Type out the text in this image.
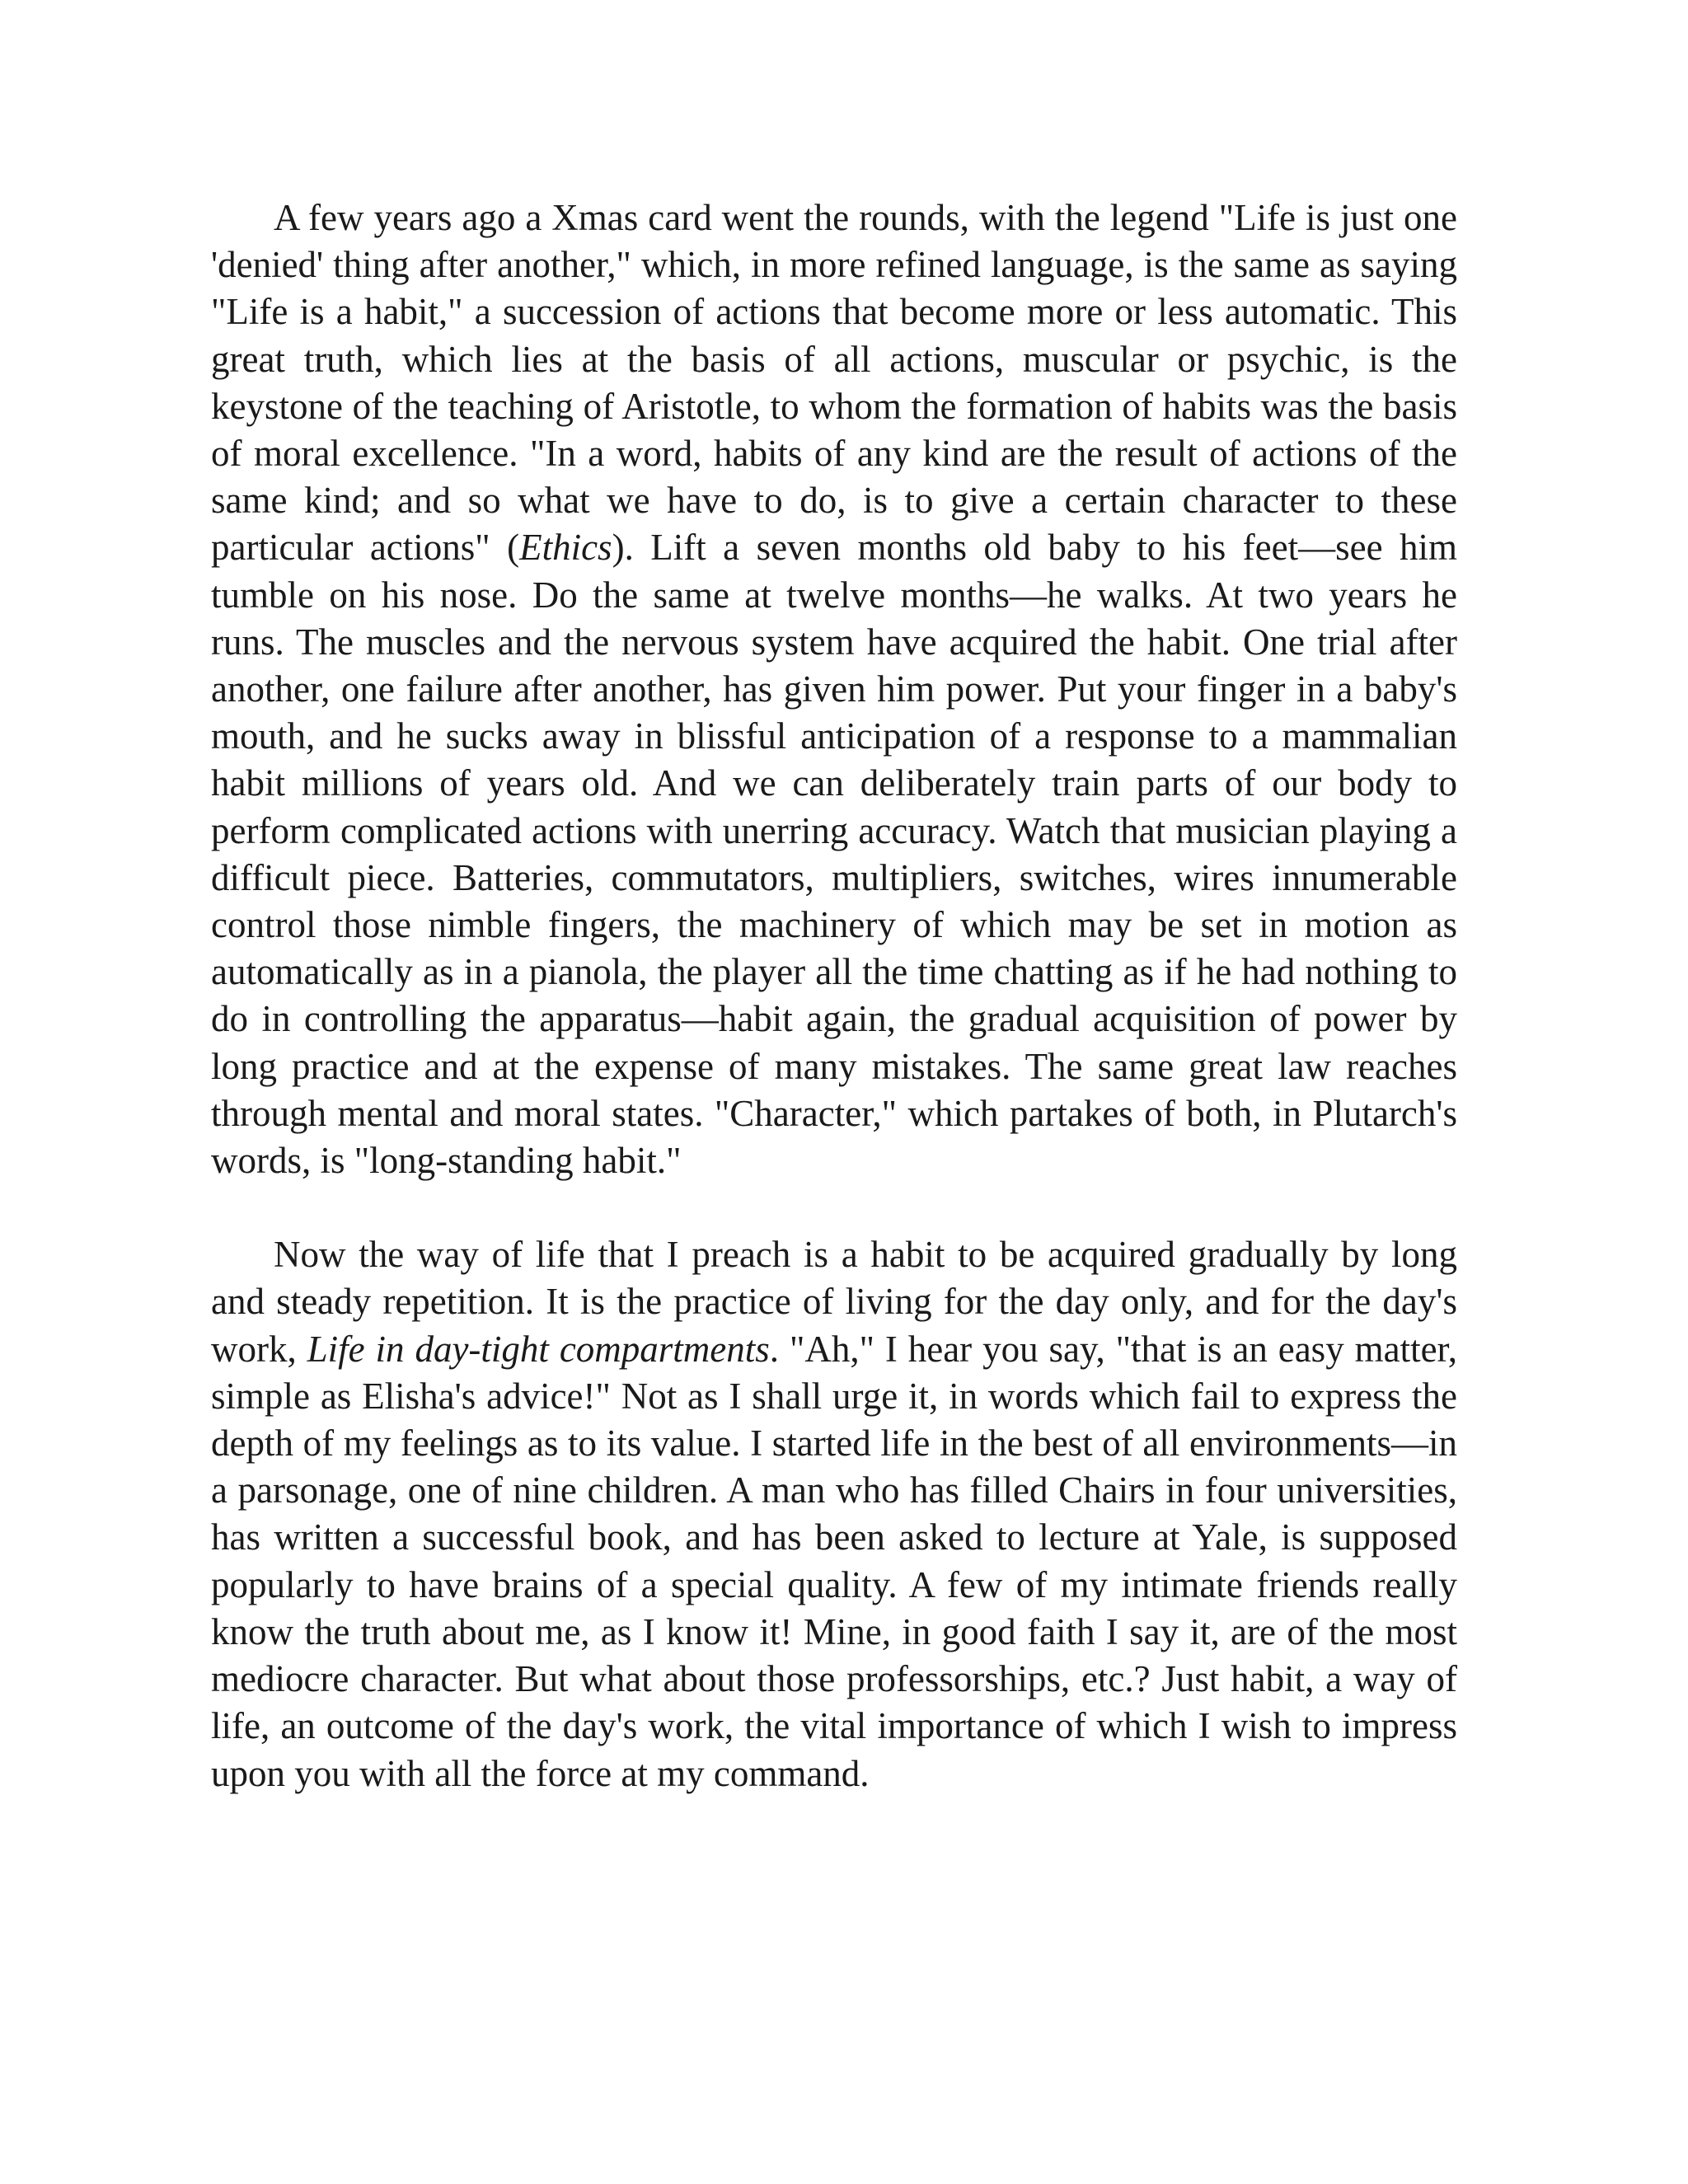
A few years ago a Xmas card went the rounds, with the legend "Life is just one 'denied' thing after another," which, in more refined language, is the same as saying "Life is a habit," a succession of actions that become more or less automatic. This great truth, which lies at the basis of all actions, muscular or psychic, is the keystone of the teaching of Aristotle, to whom the formation of habits was the basis of moral excellence. "In a word, habits of any kind are the result of actions of the same kind; and so what we have to do, is to give a certain character to these particular actions" (Ethics). Lift a seven months old baby to his feet—see him tumble on his nose. Do the same at twelve months—he walks. At two years he runs. The muscles and the nervous system have acquired the habit. One trial after another, one failure after another, has given him power. Put your finger in a baby's mouth, and he sucks away in blissful anticipation of a response to a mammalian habit millions of years old. And we can deliberately train parts of our body to perform complicated actions with unerring accuracy. Watch that musician playing a difficult piece. Batteries, commutators, multipliers, switches, wires innumerable control those nimble fingers, the machinery of which may be set in motion as automatically as in a pianola, the player all the time chatting as if he had nothing to do in controlling the apparatus—habit again, the gradual acquisition of power by long practice and at the expense of many mistakes. The same great law reaches through mental and moral states. "Character," which partakes of both, in Plutarch's words, is "long-standing habit."

Now the way of life that I preach is a habit to be acquired gradually by long and steady repetition. It is the practice of living for the day only, and for the day's work, Life in day-tight compartments. "Ah," I hear you say, "that is an easy matter, simple as Elisha's advice!" Not as I shall urge it, in words which fail to express the depth of my feelings as to its value. I started life in the best of all environments—in a parsonage, one of nine children. A man who has filled Chairs in four universities, has written a successful book, and has been asked to lecture at Yale, is supposed popularly to have brains of a special quality. A few of my intimate friends really know the truth about me, as I know it! Mine, in good faith I say it, are of the most mediocre character. But what about those professorships, etc.? Just habit, a way of life, an outcome of the day's work, the vital importance of which I wish to impress upon you with all the force at my command.
